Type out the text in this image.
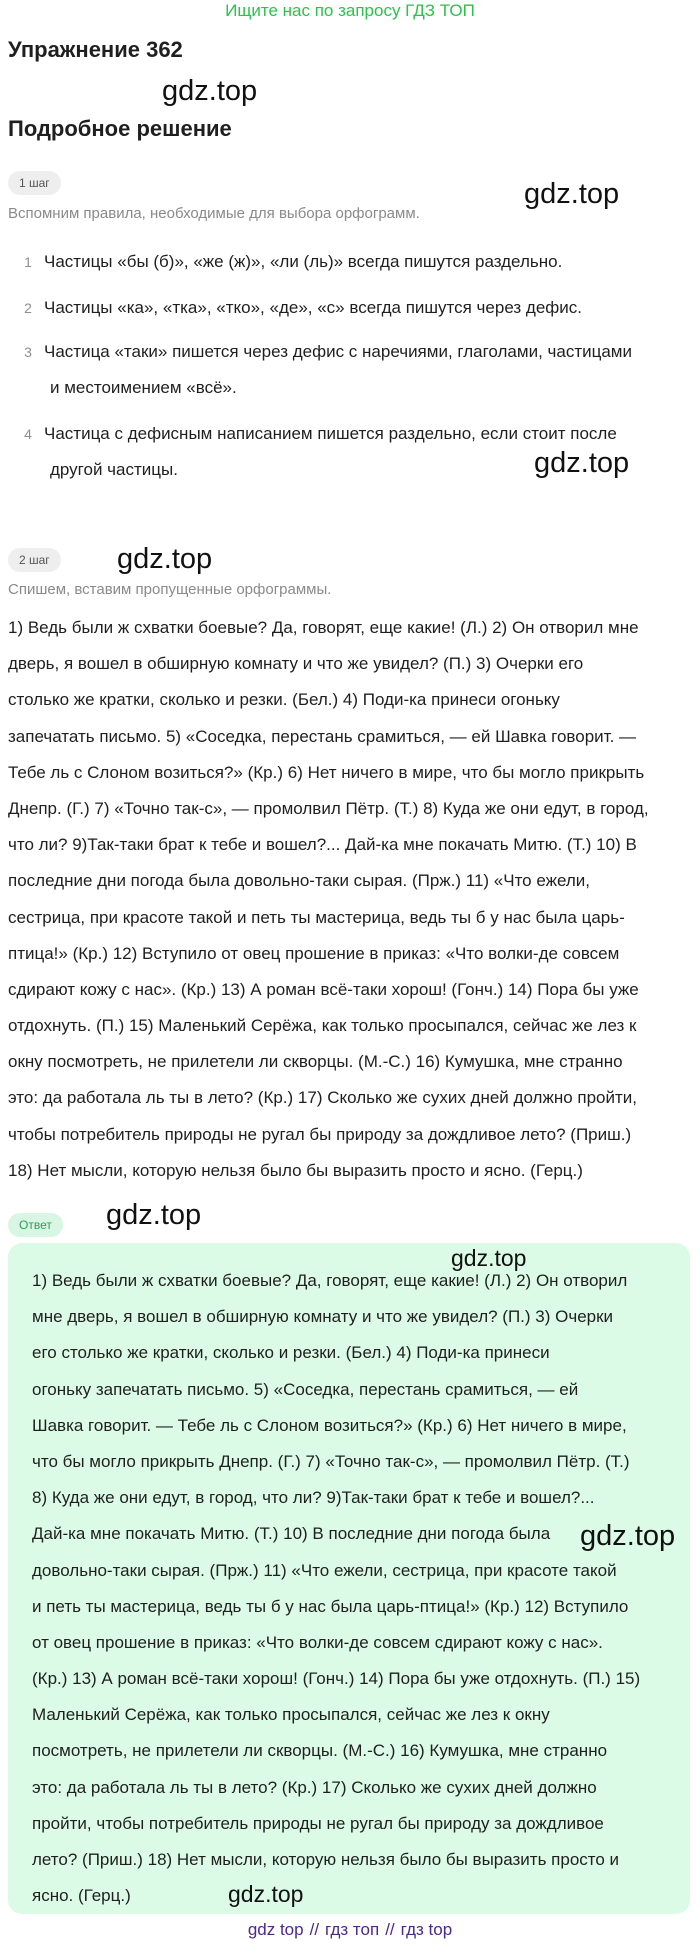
Ищите нас по запросу ГДЗ ТОП
Упражнение 362
gdz.top
Подробное решение
1 шаг	gdz.top
Вспомним правила, необходимые для выбора орфограмм.
1 Частицы «бы (б)», «же (ж)», «ли (ль)» всегда пишутся раздельно.
2 Частицы «ка», «тка», «тко», «де», «с» всегда пишутся через дефис.
3 Частица «таки» пишется через дефис с наречиями, глаголами, частицами
и местоимением «всё».
4 Частица с дефисным написанием пишется раздельно, если стоит после
другой частицы.	gdz.top
2 шаг	gdz.top
Спишем, вставим пропущенные орфограммы.
1) Ведь были ж схватки боевые? Да, говорят, еще какие! (Л.) 2) Он отворил мне
дверь, я вошел в обширную комнату и что же увидел? (П.) 3) Очерки его
столько же кратки, сколько и резки. (Бел.) 4) Поди-ка принеси огоньку
запечатать письмо. 5) «Соседка, перестань срамиться, — ей Шавка говорит. —
Тебе ль с Слоном возиться?» (Кр.) 6) Нет ничего в мире, что бы могло прикрыть
Днепр. (Г.) 7) «Точно так-с», — промолвил Пётр. (Т.) 8) Куда же они едут, в город,
что ли? 9)Так-таки брат к тебе и вошел?... Дай-ка мне покачать Митю. (Т.) 10) В
последние дни погода была довольно-таки сырая. (Прж.) 11) «Что ежели,
сестрица, при красоте такой и петь ты мастерица, ведь ты б у нас была царь-
птица!» (Кр.) 12) Вступило от овец прошение в приказ: «Что волки-де совсем
сдирают кожу с нас». (Кр.) 13) А роман всё-таки хорош! (Гонч.) 14) Пора бы уже
отдохнуть. (П.) 15) Маленький Серёжа, как только просыпался, сейчас же лез к
окну посмотреть, не прилетели ли скворцы. (М.-С.) 16) Кумушка, мне странно
это: да работала ль ты в лето? (Кр.) 17) Сколько же сухих дней должно пройти,
чтобы потребитель природы не ругал бы природу за дождливое лето? (Приш.)
18) Нет мысли, которую нельзя было бы выразить просто и ясно. (Герц.)
Ответ	gdz.top
1) Ведь были ж схватки боевые? Да, говорят, еще какие! (Л.) 2) Он отворил
мне дверь, я вошел в обширную комнату и что же увидел? (П.) 3) Очерки
его столько же кратки, сколько и резки. (Бел.) 4) Поди-ка принеси
огоньку запечатать письмо. 5) «Соседка, перестань срамиться, — ей
Шавка говорит. — Тебе ль с Слоном возиться?» (Кр.) 6) Нет ничего в мире,
что бы могло прикрыть Днепр. (Г.) 7) «Точно так-с», — промолвил Пётр. (Т.)
8) Куда же они едут, в город, что ли? 9)Так-таки брат к тебе и вошел?...
Дай-ка мне покачать Митю. (Т.) 10) В последние дни погода была
довольно-таки сырая. (Прж.) 11) «Что ежели, сестрица, при красоте такой
и петь ты мастерица, ведь ты б у нас была царь-птица!» (Кр.) 12) Вступило
от овец прошение в приказ: «Что волки-де совсем сдирают кожу с нас».
(Кр.) 13) А роман всё-таки хорош! (Гонч.) 14) Пора бы уже отдохнуть. (П.) 15)
Маленький Серёжа, как только просыпался, сейчас же лез к окну
посмотреть, не прилетели ли скворцы. (М.-С.) 16) Кумушка, мне странно
это: да работала ль ты в лето? (Кр.) 17) Сколько же сухих дней должно
пройти, чтобы потребитель природы не ругал бы природу за дождливое
лето? (Приш.) 18) Нет мысли, которую нельзя было бы выразить просто и
ясно. (Герц.)
gdz.top
gdz.top
gdz.top
gdz top // гдз топ // гдз top
